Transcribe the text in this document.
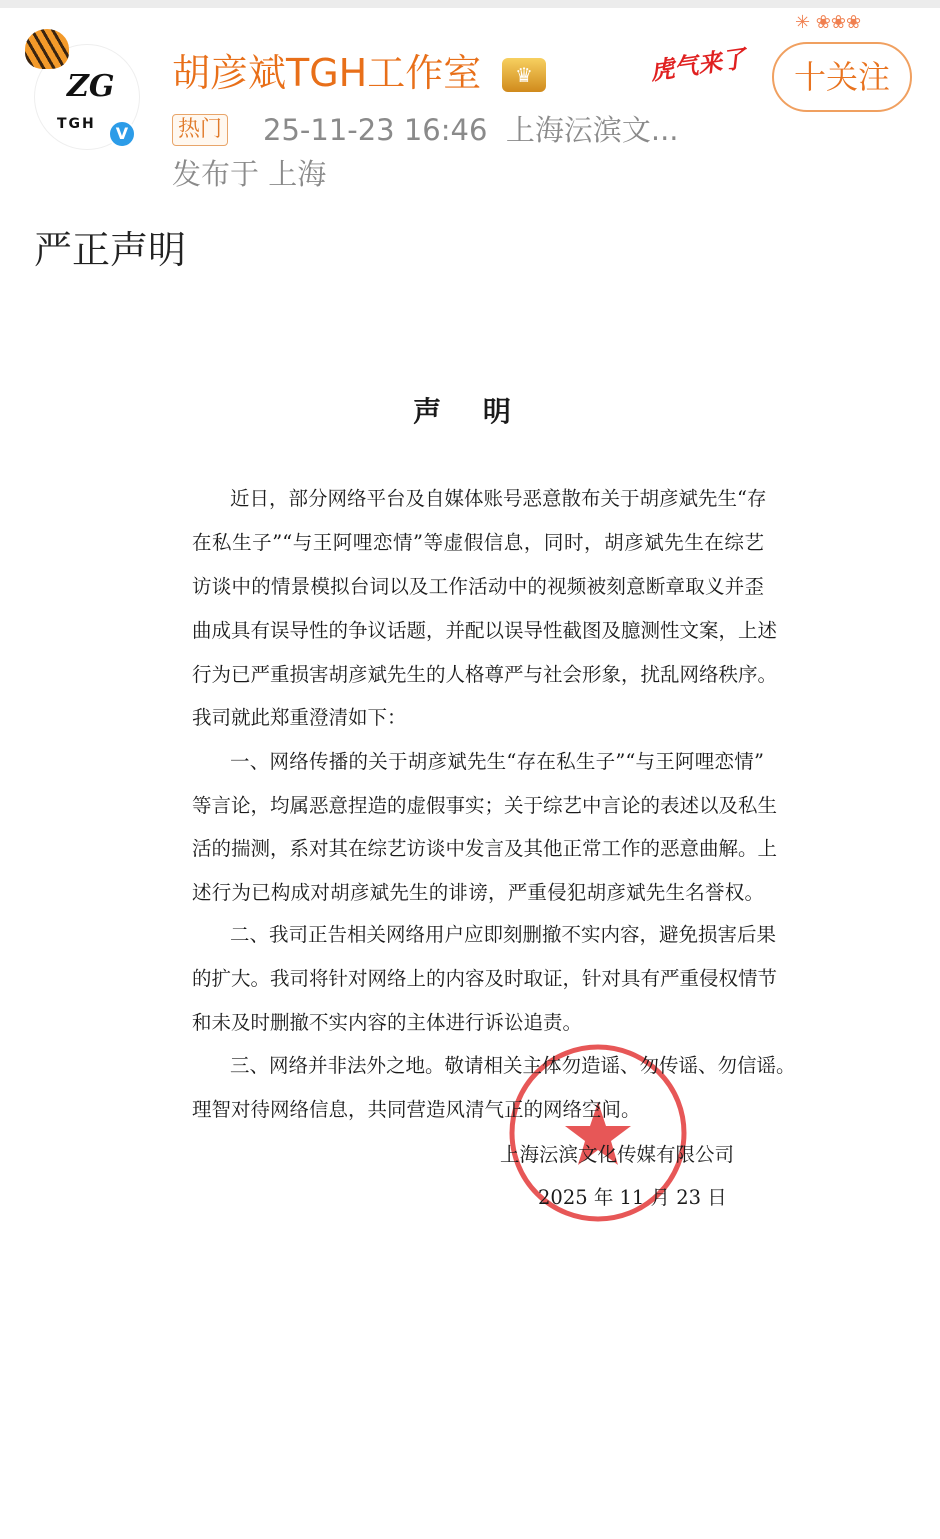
ZG
TGH	V
胡彦斌TGH工作室	♛
热门 25-11-23 16:46 上海沄滨文...
发布于 上海
✳ ❀❀❀
虎气来了	十关注
严正声明
声 明
近日，部分网络平台及自媒体账号恶意散布关于胡彦斌先生“存
在私生子”“与王阿哩恋情”等虚假信息，同时，胡彦斌先生在综艺
访谈中的情景模拟台词以及工作活动中的视频被刻意断章取义并歪
曲成具有误导性的争议话题，并配以误导性截图及臆测性文案，上述
行为已严重损害胡彦斌先生的人格尊严与社会形象，扰乱网络秩序。
我司就此郑重澄清如下：
一、网络传播的关于胡彦斌先生“存在私生子”“与王阿哩恋情”
等言论，均属恶意捏造的虚假事实；关于综艺中言论的表述以及私生
活的揣测，系对其在综艺访谈中发言及其他正常工作的恶意曲解。上
述行为已构成对胡彦斌先生的诽谤，严重侵犯胡彦斌先生名誉权。
二、我司正告相关网络用户应即刻删撤不实内容，避免损害后果
的扩大。我司将针对网络上的内容及时取证，针对具有严重侵权情节
和未及时删撤不实内容的主体进行诉讼追责。
三、网络并非法外之地。敬请相关主体勿造谣、勿传谣、勿信谣。
理智对待网络信息，共同营造风清气正的网络空间。
上海沄滨文化传媒有限公司
2025 年 11 月 23 日
